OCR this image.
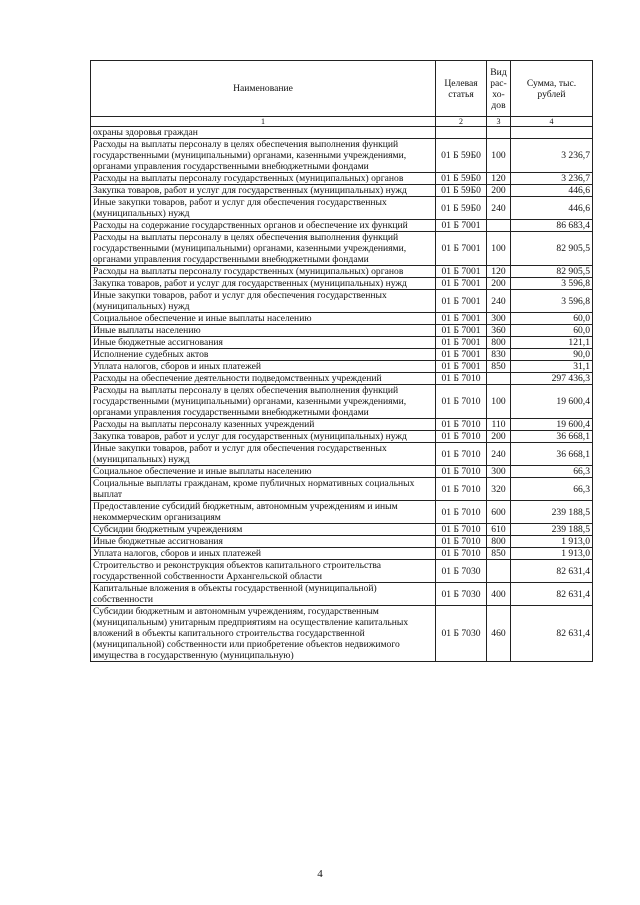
Наименование	Целевая статья	Вид рас- хо- дов	Сумма, тыс. рублей
1	2	3	4
охраны здоровья граждан			
Расходы на выплаты персоналу в целях обеспечения выполнения функций государственными (муниципальными) органами, казенными учреждениями, органами управления государственными внебюджетными фондами	01 Б 59Б0	100	3 236,7
Расходы на выплаты персоналу государственных (муниципальных) органов	01 Б 59Б0	120	3 236,7
Закупка товаров, работ и услуг для государственных (муниципальных) нужд	01 Б 59Б0	200	446,6
Иные закупки товаров, работ и услуг для обеспечения государственных (муниципальных) нужд	01 Б 59Б0	240	446,6
Расходы на содержание государственных органов и обеспечение их функций	01 Б 7001		86 683,4
Расходы на выплаты персоналу в целях обеспечения выполнения функций государственными (муниципальными) органами, казенными учреждениями, органами управления государственными внебюджетными фондами	01 Б 7001	100	82 905,5
Расходы на выплаты персоналу государственных (муниципальных) органов	01 Б 7001	120	82 905,5
Закупка товаров, работ и услуг для государственных (муниципальных) нужд	01 Б 7001	200	3 596,8
Иные закупки товаров, работ и услуг для обеспечения государственных (муниципальных) нужд	01 Б 7001	240	3 596,8
Социальное обеспечение и иные выплаты населению	01 Б 7001	300	60,0
Иные выплаты населению	01 Б 7001	360	60,0
Иные бюджетные ассигнования	01 Б 7001	800	121,1
Исполнение судебных актов	01 Б 7001	830	90,0
Уплата налогов, сборов и иных платежей	01 Б 7001	850	31,1
Расходы на обеспечение деятельности подведомственных учреждений	01 Б 7010		297 436,3
Расходы на выплаты персоналу в целях обеспечения выполнения функций государственными (муниципальными) органами, казенными учреждениями, органами управления государственными внебюджетными фондами	01 Б 7010	100	19 600,4
Расходы на выплаты персоналу казенных учреждений	01 Б 7010	110	19 600,4
Закупка товаров, работ и услуг для государственных (муниципальных) нужд	01 Б 7010	200	36 668,1
Иные закупки товаров, работ и услуг для обеспечения государственных (муниципальных) нужд	01 Б 7010	240	36 668,1
Социальное обеспечение и иные выплаты населению	01 Б 7010	300	66,3
Социальные выплаты гражданам, кроме публичных нормативных социальных выплат	01 Б 7010	320	66,3
Предоставление субсидий бюджетным, автономным учреждениям и иным некоммерческим организациям	01 Б 7010	600	239 188,5
Субсидии бюджетным учреждениям	01 Б 7010	610	239 188,5
Иные бюджетные ассигнования	01 Б 7010	800	1 913,0
Уплата налогов, сборов и иных платежей	01 Б 7010	850	1 913,0
Строительство и реконструкция объектов капитального строительства государственной собственности Архангельской области	01 Б 7030		82 631,4
Капитальные вложения в объекты государственной (муниципальной) собственности	01 Б 7030	400	82 631,4
Субсидии бюджетным и автономным учреждениям, государственным (муниципальным) унитарным предприятиям на осуществление капитальных вложений в объекты капитального строительства государственной (муниципальной) собственности или приобретение объектов недвижимого имущества в государственную (муниципальную)	01 Б 7030	460	82 631,4
4
